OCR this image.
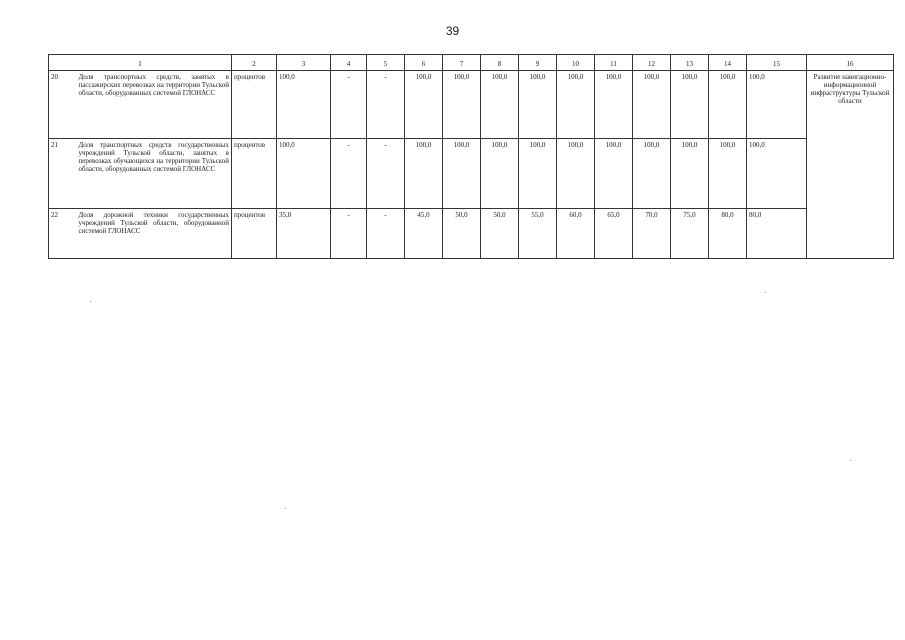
39
1		2	3	4	5	6	7	8	9	10	11	12	13	14	15	16
20	Доля транспортных средств, занятых в пассажирских перевозках на территории Тульской области, оборудованных системой ГЛОНАСС	процентов	100,0	-	-	100,0	100,0	100,0	100,0	100,0	100,0	100,0	100,0	100,0	100,0	Развитие навигационно-информационной инфраструктуры Тульской области
21	Доля транспортных средств государственных учреждений Тульской области, занятых в перевозках обучающихся на территории Тульской области, оборудованных системой ГЛОНАСС	процентов	100,0	-	-	100,0	100,0	100,0	100,0	100,0	100,0	100,0	100,0	100,0	100,0	
22	Доля дорожной техники государственных учреждений Тульской области, оборудованной системой ГЛОНАСС	процентов	35,0	-	-	45,0	50,0	50,0	55,0	60,0	65,0	70,0	75,0	80,0	80,0	
